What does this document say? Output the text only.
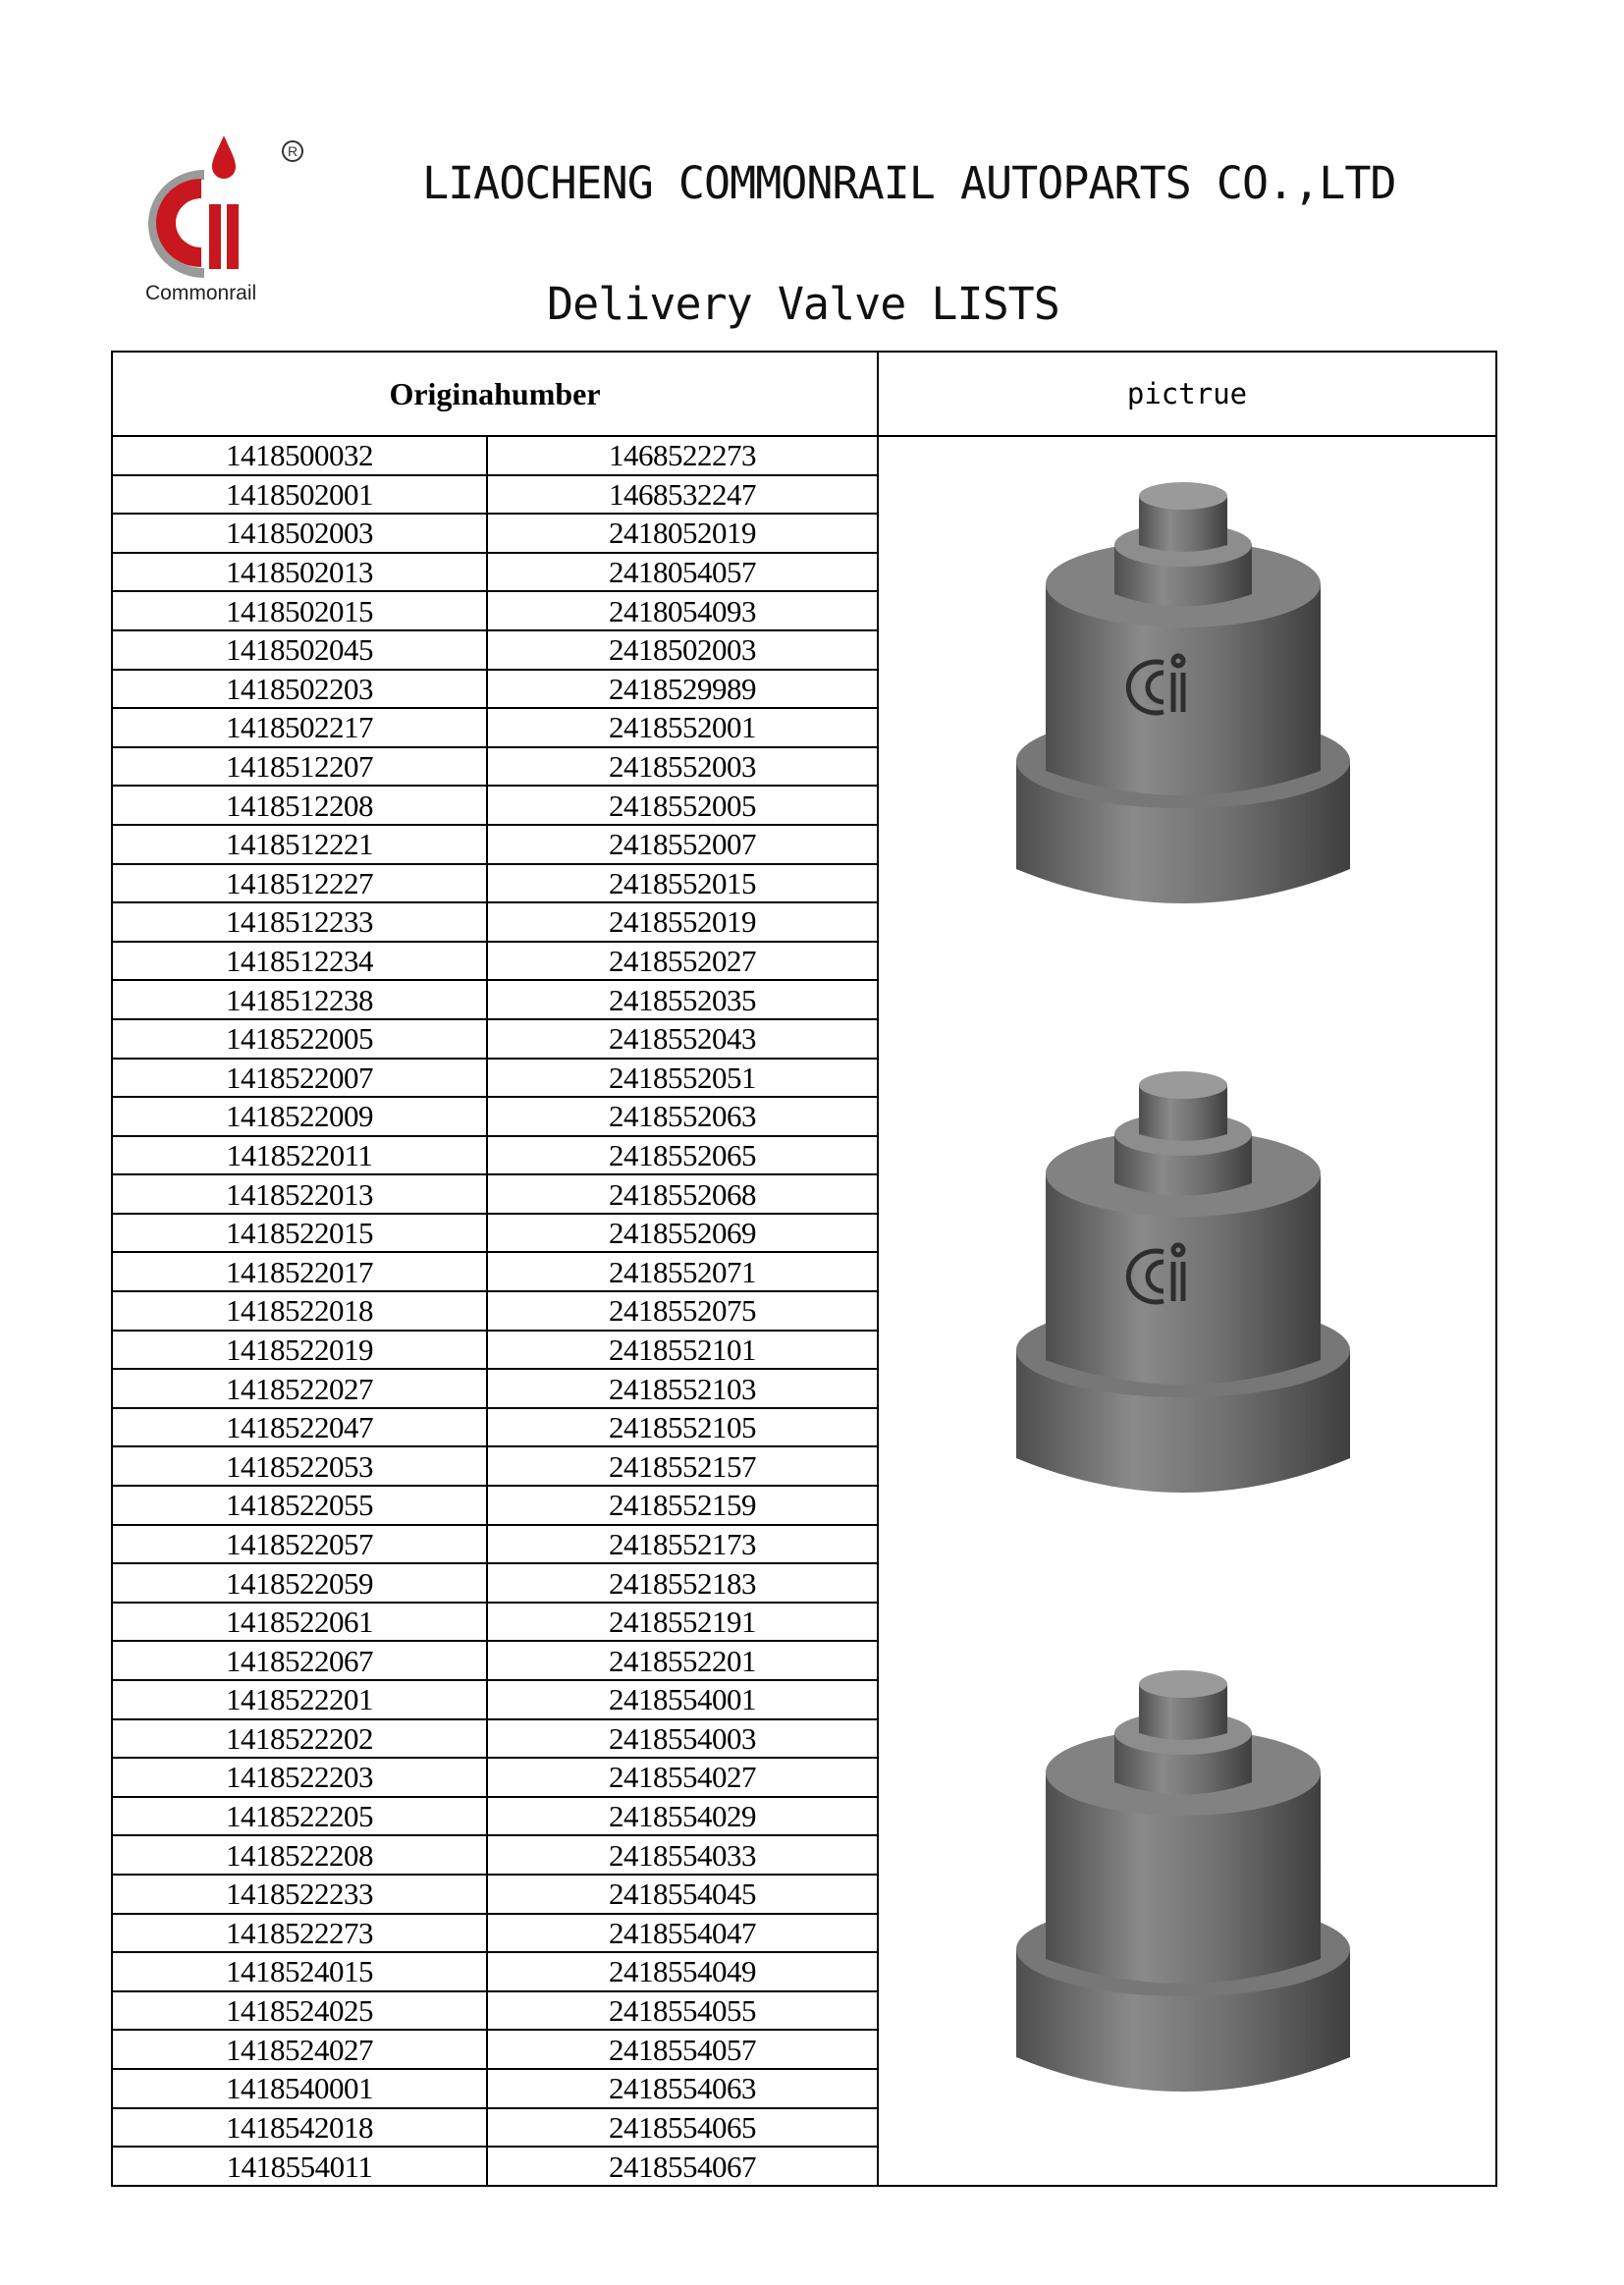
R
Commonrail
LIAOCHENG COMMONRAIL AUTOPARTS CO.,LTD
Delivery Valve LISTS
Originahumber		pictrue
1418500032	1468522273	

1418502001	1468532247	
1418502003	2418052019	
1418502013	2418054057	
1418502015	2418054093	
1418502045	2418502003	
1418502203	2418529989	
1418502217	2418552001	
1418512207	2418552003	
1418512208	2418552005	
1418512221	2418552007	
1418512227	2418552015	
1418512233	2418552019	
1418512234	2418552027	
1418512238	2418552035	
1418522005	2418552043	
1418522007	2418552051	
1418522009	2418552063	
1418522011	2418552065	
1418522013	2418552068	
1418522015	2418552069	
1418522017	2418552071	
1418522018	2418552075	
1418522019	2418552101	
1418522027	2418552103	
1418522047	2418552105	
1418522053	2418552157	
1418522055	2418552159	
1418522057	2418552173	
1418522059	2418552183	
1418522061	2418552191	
1418522067	2418552201	
1418522201	2418554001	
1418522202	2418554003	
1418522203	2418554027	
1418522205	2418554029	
1418522208	2418554033	
1418522233	2418554045	
1418522273	2418554047	
1418524015	2418554049	
1418524025	2418554055	
1418524027	2418554057	
1418540001	2418554063	
1418542018	2418554065	
1418554011	2418554067	
